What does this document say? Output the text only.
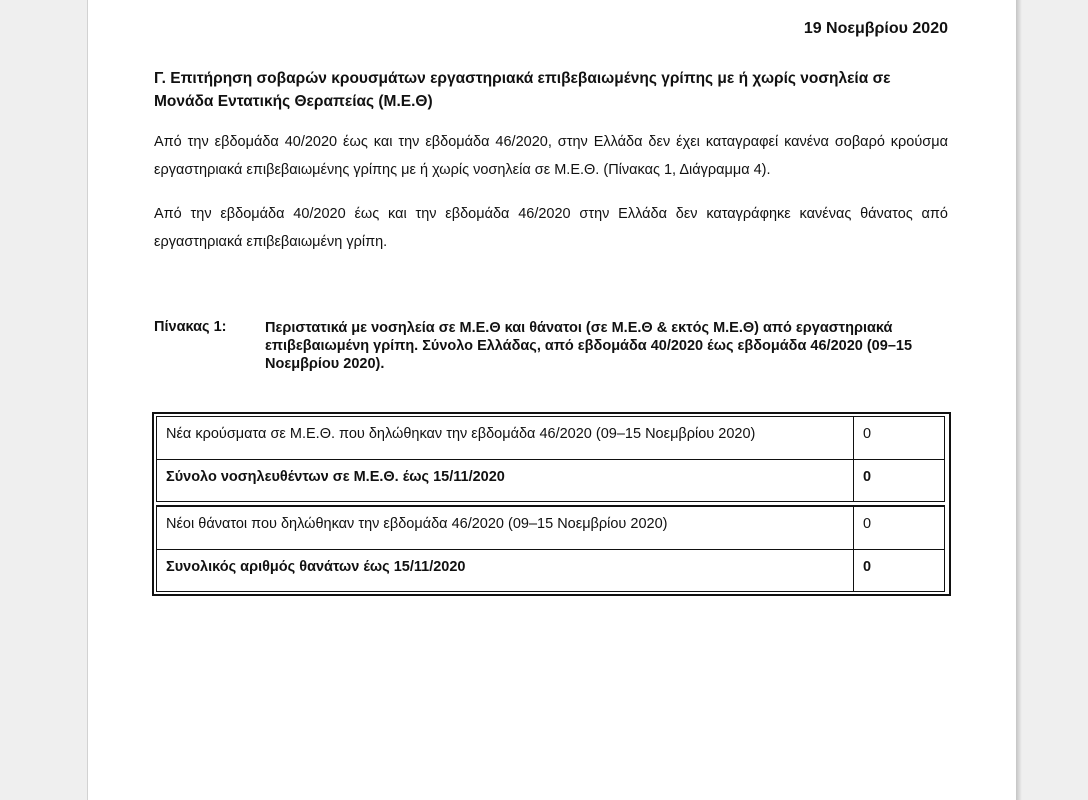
19 Νοεμβρίου 2020
Γ. Επιτήρηση σοβαρών κρουσμάτων εργαστηριακά επιβεβαιωμένης γρίπης με ή χωρίς νοσηλεία σε Μονάδα Εντατικής Θεραπείας (Μ.Ε.Θ)
Από την εβδομάδα 40/2020 έως και την εβδομάδα 46/2020, στην Ελλάδα δεν έχει καταγραφεί κανένα σοβαρό κρούσμα εργαστηριακά επιβεβαιωμένης γρίπης με ή χωρίς νοσηλεία σε Μ.Ε.Θ. (Πίνακας 1, Διάγραμμα 4).
Από την εβδομάδα 40/2020 έως και την εβδομάδα 46/2020 στην Ελλάδα δεν καταγράφηκε κανένας θάνατος από εργαστηριακά επιβεβαιωμένη γρίπη.
Πίνακας 1:	Περιστατικά με νοσηλεία σε Μ.Ε.Θ και θάνατοι (σε Μ.Ε.Θ & εκτός Μ.Ε.Θ) από εργαστηριακά επιβεβαιωμένη γρίπη. Σύνολο Ελλάδας, από εβδομάδα 40/2020 έως εβδομάδα 46/2020 (09–15 Νοεμβρίου 2020).
Νέα κρούσματα σε Μ.Ε.Θ. που δηλώθηκαν την εβδομάδα 46/2020 (09–15 Νοεμβρίου 2020)	0
Σύνολο νοσηλευθέντων σε Μ.Ε.Θ. έως 15/11/2020	0
Νέοι θάνατοι που δηλώθηκαν την εβδομάδα 46/2020 (09–15 Νοεμβρίου 2020)	0
Συνολικός αριθμός θανάτων έως 15/11/2020	0
